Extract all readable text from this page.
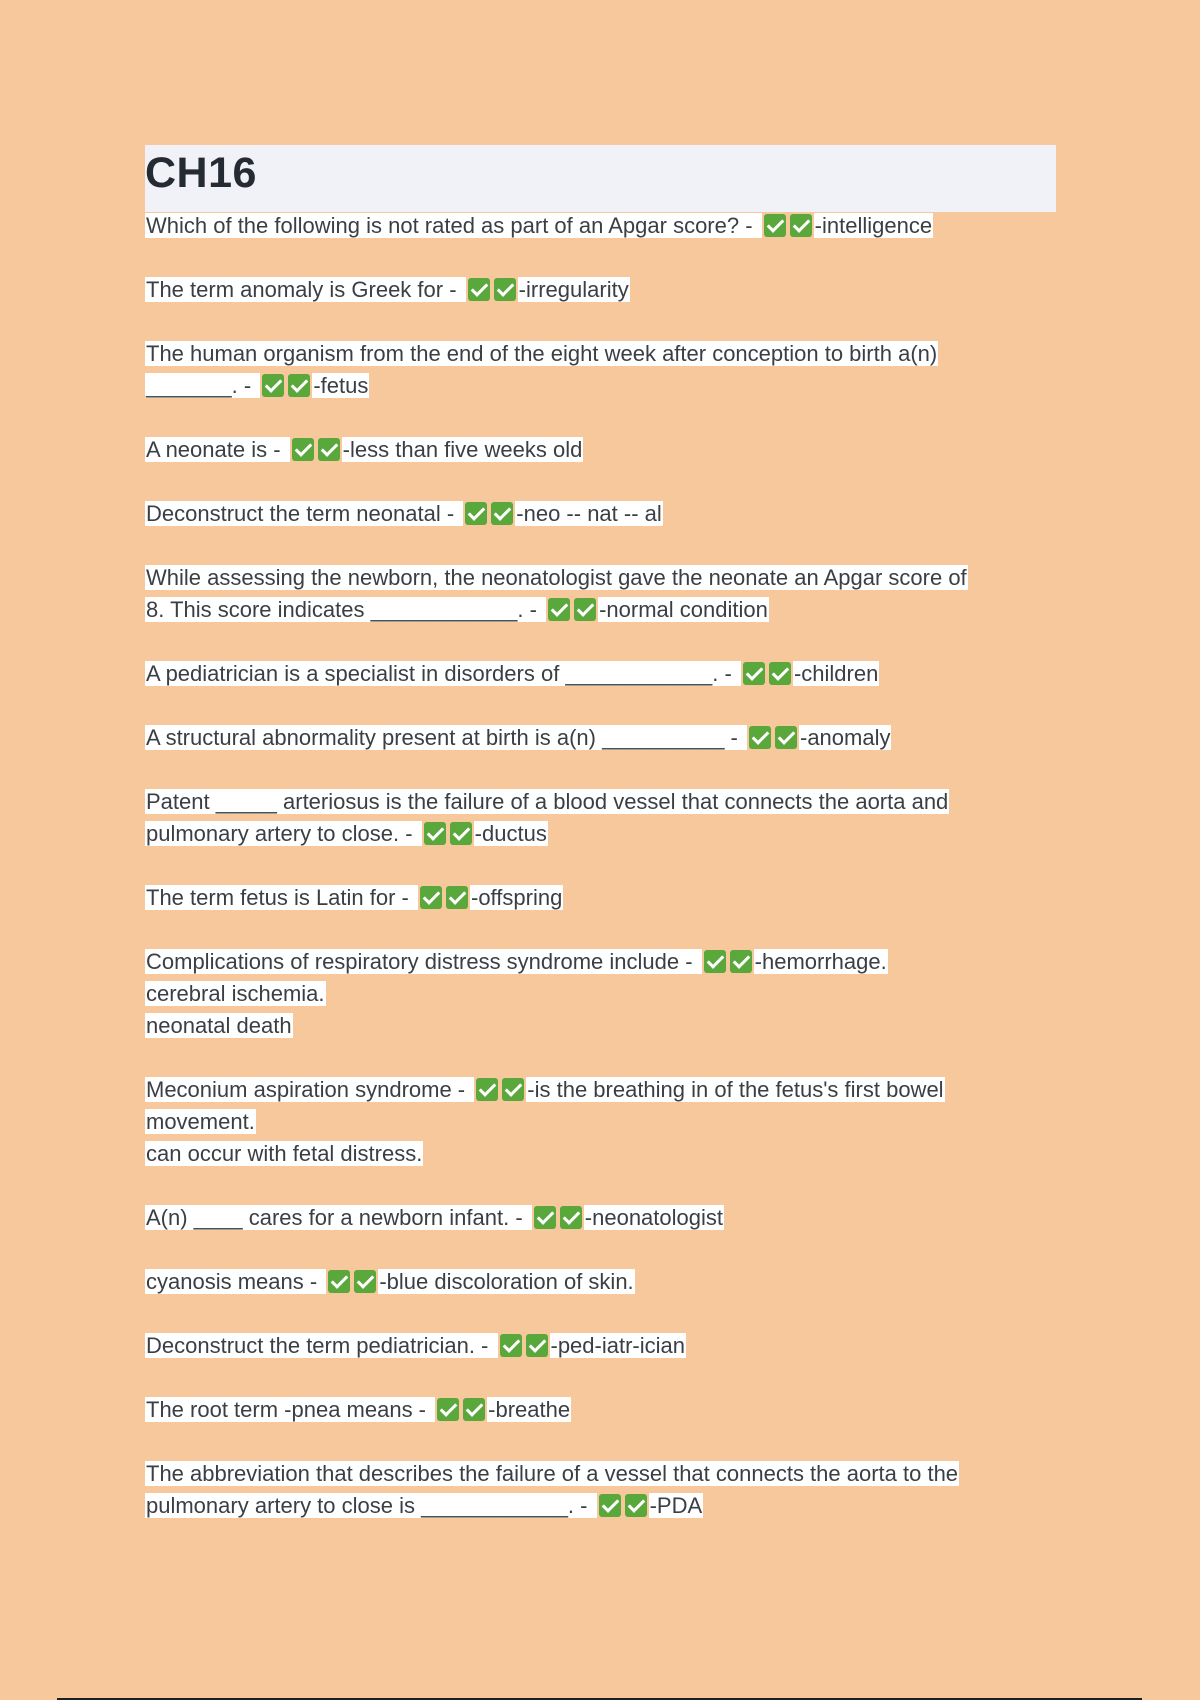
CH16
Which of the following is not rated as part of an Apgar score? -	-intelligence
The term anomaly is Greek for -	-irregularity
The human organism from the end of the eight week after conception to birth a(n)
_______. -	-fetus
A neonate is -	-less than five weeks old
Deconstruct the term neonatal -	-neo -- nat -- al
While assessing the newborn, the neonatologist gave the neonate an Apgar score of
8. This score indicates ____________. -	-normal condition
A pediatrician is a specialist in disorders of ____________. -	-children
A structural abnormality present at birth is a(n) __________ -	-anomaly
Patent _____ arteriosus is the failure of a blood vessel that connects the aorta and
pulmonary artery to close. -	-ductus
The term fetus is Latin for -	-offspring
Complications of respiratory distress syndrome include -	-hemorrhage.
cerebral ischemia.
neonatal death
Meconium aspiration syndrome -	-is the breathing in of the fetus's first bowel
movement.
can occur with fetal distress.
A(n) ____ cares for a newborn infant. -	-neonatologist
cyanosis means -	-blue discoloration of skin.
Deconstruct the term pediatrician. -	-ped-iatr-ician
The root term -pnea means -	-breathe
The abbreviation that describes the failure of a vessel that connects the aorta to the
pulmonary artery to close is ____________. -	-PDA
